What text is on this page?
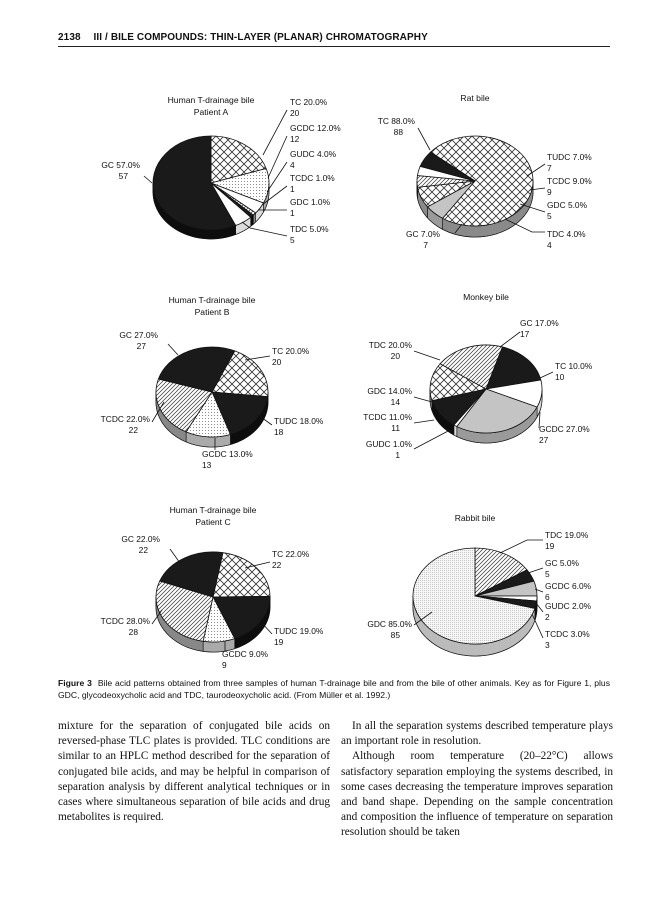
2138 III / BILE COMPOUNDS: THIN-LAYER (PLANAR) CHROMATOGRAPHY
Human T-drainage bile
Patient A
TC 20.0%
20
GCDC 12.0%
12
GUDC 4.0%
4
TCDC 1.0%
1
GDC 1.0%
1
TDC 5.0%
5
GC 57.0%
57
Rat bile
TC 88.0%
88
TUDC 7.0%
7
TCDC 9.0%
9
GDC 5.0%
5
TDC 4.0%
4
GC 7.0%
7
Human T-drainage bile
Patient B
TC 20.0%
20
TUDC 18.0%
18
GCDC 13.0%
13
TCDC 22.0%
22
GC 27.0%
27
Monkey bile
GC 17.0%
17
TC 10.0%
10
GCDC 27.0%
27
GUDC 1.0%
1
TCDC 11.0%
11
GDC 14.0%
14
TDC 20.0%
20
Human T-drainage bile
Patient C
TC 22.0%
22
TUDC 19.0%
19
GCDC 9.0%
9
TCDC 28.0%
28
GC 22.0%
22
Rabbit bile
TDC 19.0%
19
GC 5.0%
5
GCDC 6.0%
6
GUDC 2.0%
2
TCDC 3.0%
3
GDC 85.0%
85
Figure 3 Bile acid patterns obtained from three samples of human T-drainage bile and from the bile of other animals. Key as for Figure 1, plus GDC, glycodeoxycholic acid and TDC, taurodeoxycholic acid. (From Müller et al. 1992.)

mixture for the separation of conjugated bile acids on reversed-phase TLC plates is provided. TLC conditions are similar to an HPLC method described for the separation of conjugated bile acids, and may be helpful in comparison of separation analysis by different analytical techniques or in cases where simultaneous separation of bile acids and drug metabolites is required.

In all the separation systems described temperature plays an important role in resolution.

Although room temperature (20–22°C) allows satisfactory separation employing the systems described, in some cases decreasing the temperature improves separation and band shape. Depending on the sample concentration and composition the influence of temperature on separation resolution should be taken
